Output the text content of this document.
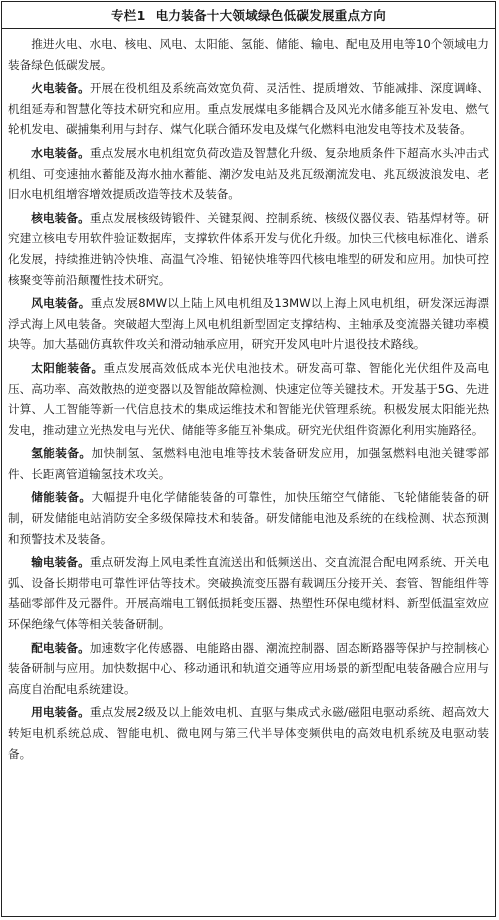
专栏1 电力装备十大领域绿色低碳发展重点方向

推进火电、水电、核电、风电、太阳能、氢能、储能、输电、配电及用电等10个领域电力装备绿色低碳发展。

火电装备。开展在役机组及系统高效宽负荷、灵活性、提质增效、节能减排、深度调峰、机组延寿和智慧化等技术研究和应用。重点发展煤电多能耦合及风光水储多能互补发电、燃气轮机发电、碳捕集利用与封存、煤气化联合循环发电及煤气化燃料电池发电等技术及装备。

水电装备。重点发展水电机组宽负荷改造及智慧化升级、复杂地质条件下超高水头冲击式机组、可变速抽水蓄能及海水抽水蓄能、潮汐发电站及兆瓦级潮流发电、兆瓦级波浪发电、老旧水电机组增容增效提质改造等技术及装备。

核电装备。重点发展核级铸锻件、关键泵阀、控制系统、核级仪器仪表、锆基焊材等。研究建立核电专用软件验证数据库，支撑软件体系开发与优化升级。加快三代核电标准化、谱系化发展，持续推进钠冷快堆、高温气冷堆、铅铋快堆等四代核电堆型的研发和应用。加快可控核聚变等前沿颠覆性技术研究。

风电装备。重点发展8MW以上陆上风电机组及13MW以上海上风电机组，研发深远海漂浮式海上风电装备。突破超大型海上风电机组新型固定支撑结构、主轴承及变流器关键功率模块等。加大基础仿真软件攻关和滑动轴承应用，研究开发风电叶片退役技术路线。

太阳能装备。重点发展高效低成本光伏电池技术。研发高可靠、智能化光伏组件及高电压、高功率、高效散热的逆变器以及智能故障检测、快速定位等关键技术。开发基于5G、先进计算、人工智能等新一代信息技术的集成运维技术和智能光伏管理系统。积极发展太阳能光热发电，推动建立光热发电与光伏、储能等多能互补集成。研究光伏组件资源化利用实施路径。

氢能装备。加快制氢、氢燃料电池电堆等技术装备研发应用，加强氢燃料电池关键零部件、长距离管道输氢技术攻关。

储能装备。大幅提升电化学储能装备的可靠性，加快压缩空气储能、飞轮储能装备的研制，研发储能电站消防安全多级保障技术和装备。研发储能电池及系统的在线检测、状态预测和预警技术及装备。

输电装备。重点研发海上风电柔性直流送出和低频送出、交直流混合配电网系统、开关电弧、设备长期带电可靠性评估等技术。突破换流变压器有载调压分接开关、套管、智能组件等基础零部件及元器件。开展高端电工钢低损耗变压器、热塑性环保电缆材料、新型低温室效应环保绝缘气体等相关装备研制。

配电装备。加速数字化传感器、电能路由器、潮流控制器、固态断路器等保护与控制核心装备研制与应用。加快数据中心、移动通讯和轨道交通等应用场景的新型配电装备融合应用与高度自治配电系统建设。

用电装备。重点发展2级及以上能效电机、直驱与集成式永磁/磁阻电驱动系统、超高效大转矩电机系统总成、智能电机、微电网与第三代半导体变频供电的高效电机系统及电驱动装备。
